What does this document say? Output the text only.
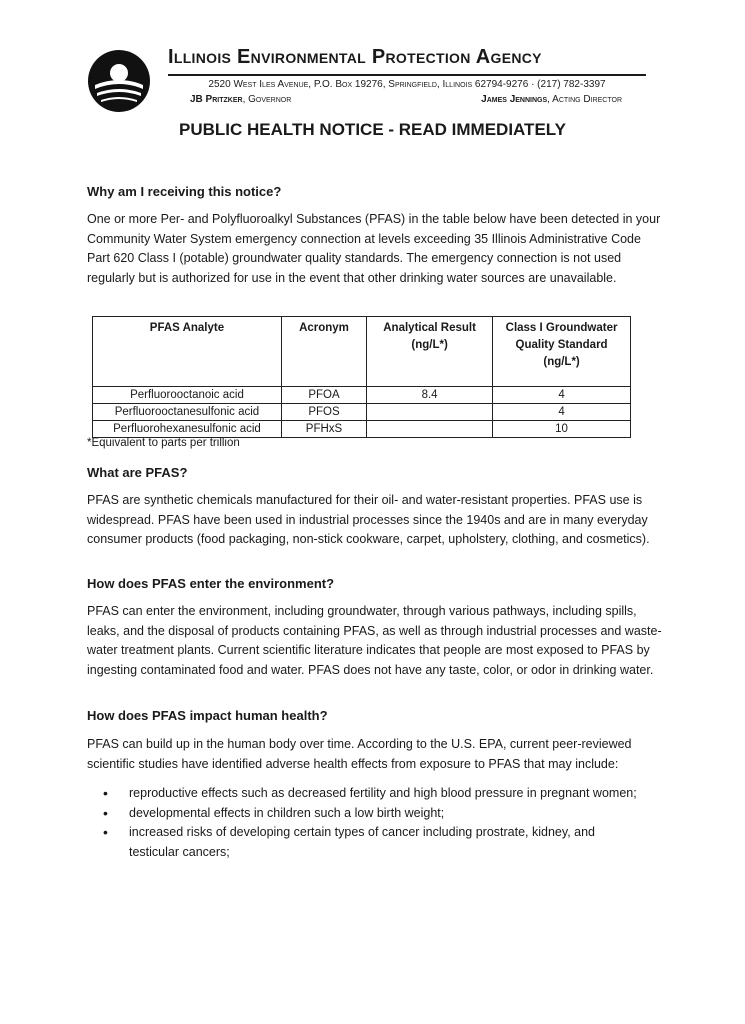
Illinois Environmental Protection Agency
2520 West Iles Avenue, P.O. Box 19276, Springfield, Illinois 62794-9276 · (217) 782-3397
JB Pritzker, Governor	James Jennings, Acting Director
PUBLIC HEALTH NOTICE - READ IMMEDIATELY
Why am I receiving this notice?
One or more Per- and Polyfluoroalkyl Substances (PFAS) in the table below have been detected in your Community Water System emergency connection at levels exceeding 35 Illinois Administrative Code Part 620 Class I (potable) groundwater quality standards. The emergency connection is not used regularly but is authorized for use in the event that other drinking water sources are unavailable.
PFAS Analyte	Acronym	Analytical Result (ng/L*)	Class I Groundwater Quality Standard (ng/L*)
Perfluorooctanoic acid	PFOA	8.4	4
Perfluorooctanesulfonic acid	PFOS		4
Perfluorohexanesulfonic acid	PFHxS		10
*Equivalent to parts per trillion
What are PFAS?
PFAS are synthetic chemicals manufactured for their oil- and water-resistant properties. PFAS use is widespread. PFAS have been used in industrial processes since the 1940s and are in many everyday consumer products (food packaging, non-stick cookware, carpet, upholstery, clothing, and cosmetics).
How does PFAS enter the environment?
PFAS can enter the environment, including groundwater, through various pathways, including spills, leaks, and the disposal of products containing PFAS, as well as through industrial processes and waste-water treatment plants. Current scientific literature indicates that people are most exposed to PFAS by ingesting contaminated food and water. PFAS does not have any taste, color, or odor in drinking water.
How does PFAS impact human health?
PFAS can build up in the human body over time. According to the U.S. EPA, current peer-reviewed scientific studies have identified adverse health effects from exposure to PFAS that may include:
• reproductive effects such as decreased fertility and high blood pressure in pregnant women;
• developmental effects in children such a low birth weight;
• increased risks of developing certain types of cancer including prostrate, kidney, and testicular cancers;
